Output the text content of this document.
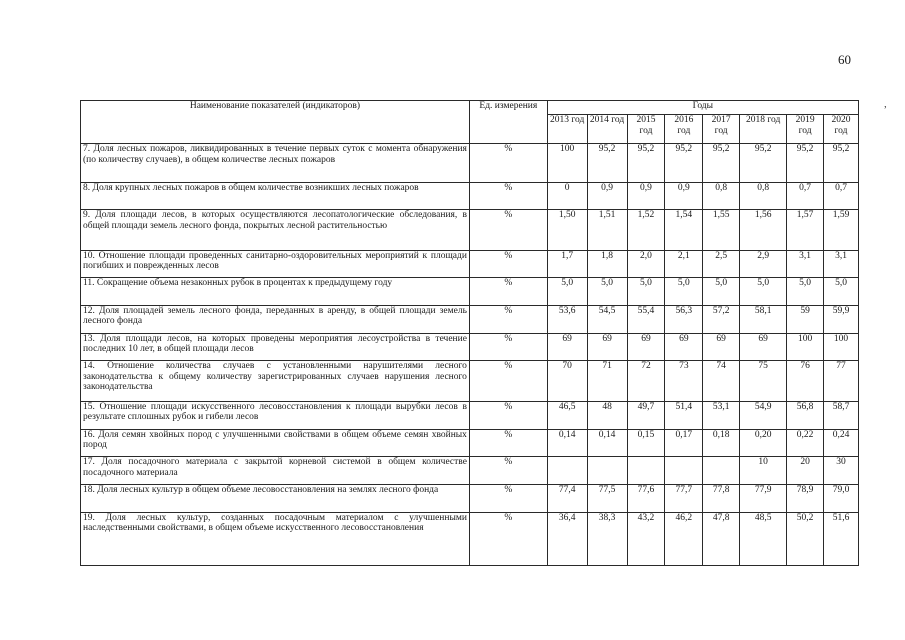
60
,
Наименование показателей (индикаторов)	Ед. измерения	Годы							
		2013 год	2014 год	2015 год	2016 год	2017 год	2018 год	2019 год	2020 год
7. Доля лесных пожаров, ликвидированных в течение первых суток с момента обнаружения (по количеству случаев), в общем количестве лесных пожаров	%	100	95,2	95,2	95,2	95,2	95,2	95,2	95,2
8. Доля крупных лесных пожаров в общем количестве возникших лесных пожаров	%	0	0,9	0,9	0,9	0,8	0,8	0,7	0,7
9. Доля площади лесов, в которых осуществляются лесопатологические обследования, в общей площади земель лесного фонда, покрытых лесной растительностью	%	1,50	1,51	1,52	1,54	1,55	1,56	1,57	1,59
10. Отношение площади проведенных санитарно-оздоровительных мероприятий к площади погибших и поврежденных лесов	%	1,7	1,8	2,0	2,1	2,5	2,9	3,1	3,1
11. Сокращение объема незаконных рубок в процентах к предыдущему году	%	5,0	5,0	5,0	5,0	5,0	5,0	5,0	5,0
12. Доля площадей земель лесного фонда, переданных в аренду, в общей площади земель лесного фонда	%	53,6	54,5	55,4	56,3	57,2	58,1	59	59,9
13. Доля площади лесов, на которых проведены мероприятия лесоустройства в течение последних 10 лет, в общей площади лесов	%	69	69	69	69	69	69	100	100
14. Отношение количества случаев с установленными нарушителями лесного законодательства к общему количеству зарегистрированных случаев нарушения лесного законодательства	%	70	71	72	73	74	75	76	77
15. Отношение площади искусственного лесовосстановления к площади вырубки лесов в результате сплошных рубок и гибели лесов	%	46,5	48	49,7	51,4	53,1	54,9	56,8	58,7
16. Доля семян хвойных пород с улучшенными свойствами в общем объеме семян хвойных пород	%	0,14	0,14	0,15	0,17	0,18	0,20	0,22	0,24
17. Доля посадочного материала с закрытой корневой системой в общем количестве посадочного материала	%						10	20	30
18. Доля лесных культур в общем объеме лесовосстановления на землях лесного фонда	%	77,4	77,5	77,6	77,7	77,8	77,9	78,9	79,0
19. Доля лесных культур, созданных посадочным материалом с улучшенными наследственными свойствами, в общем объеме искусственного лесовосстановления	%	36,4	38,3	43,2	46,2	47,8	48,5	50,2	51,6
